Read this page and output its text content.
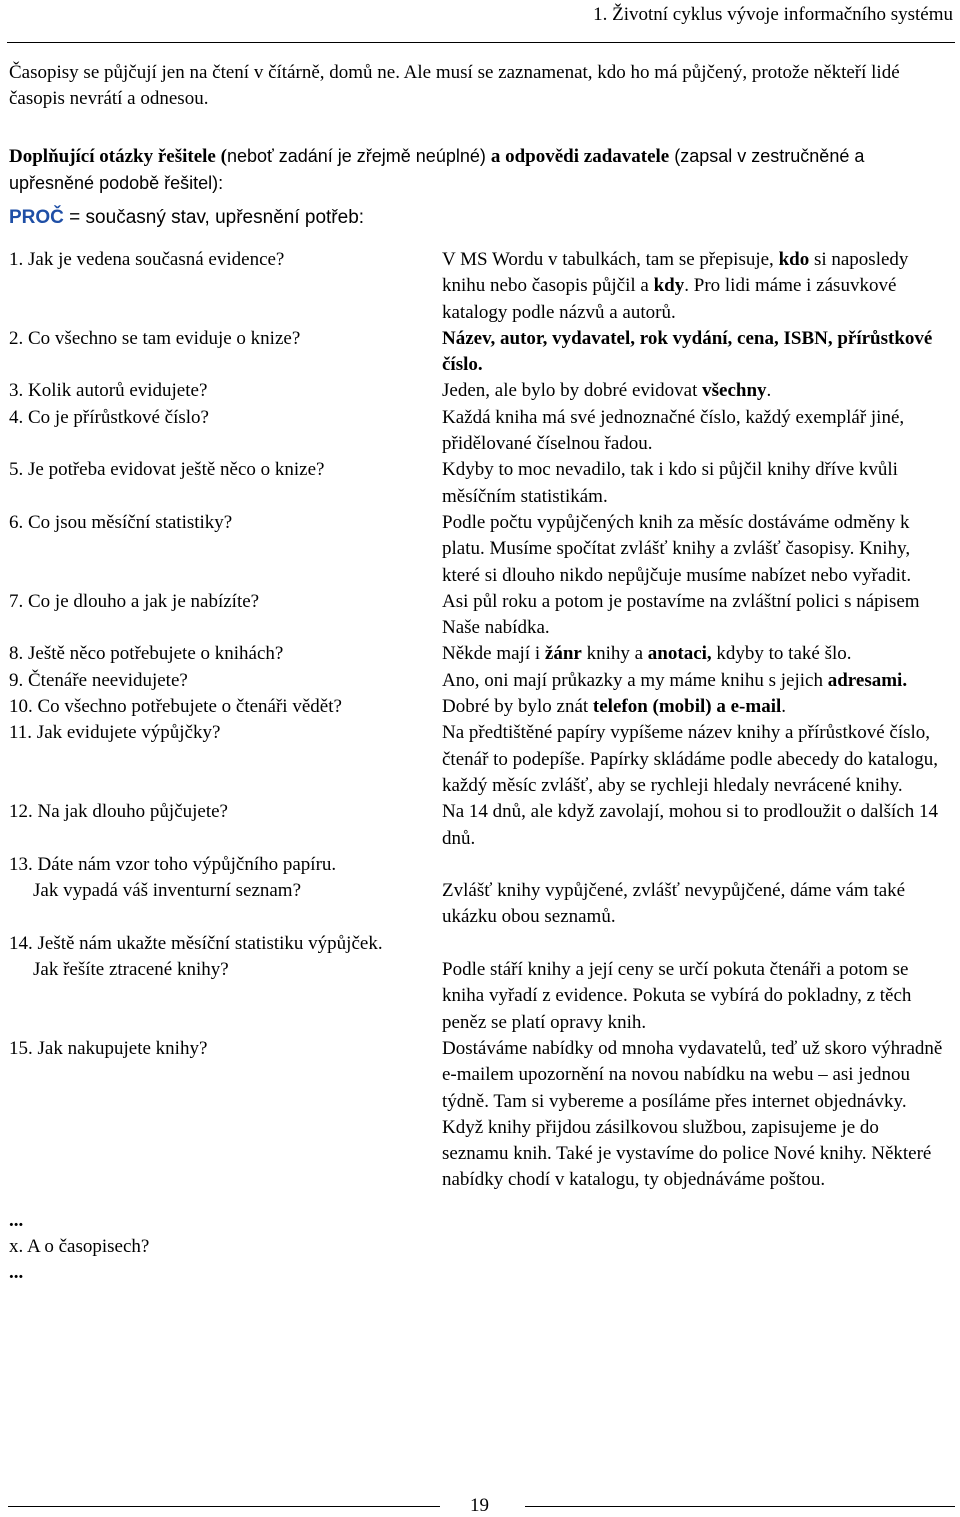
1. Životní cyklus vývoje informačního systému

Časopisy se půjčují jen na čtení v čítárně, domů ne. Ale musí se zaznamenat, kdo ho má půjčený, protože někteří lidé časopis nevrátí a odnesou.

Doplňující otázky řešitele (neboť zadání je zřejmě neúplné) a odpovědi zadavatele (zapsal v zestručněné a upřesněné podobě řešitel):

PROČ = současný stav, upřesnění potřeb:
1. Jak je vedena současná evidence?	V MS Wordu v tabulkách, tam se přepisuje, kdo si naposledy knihu nebo časopis půjčil a kdy. Pro lidi máme i zásuvkové katalogy podle názvů a autorů.
2. Co všechno se tam eviduje o knize?	Název, autor, vydavatel, rok vydání, cena, ISBN, přírůstkové číslo.
3. Kolik autorů evidujete?	Jeden, ale bylo by dobré evidovat všechny.
4. Co je přírůstkové číslo?	Každá kniha má své jednoznačné číslo, každý exemplář jiné, přidělované číselnou řadou.
5. Je potřeba evidovat ještě něco o knize?	Kdyby to moc nevadilo, tak i kdo si půjčil knihy dříve kvůli měsíčním statistikám.
6. Co jsou měsíční statistiky?	Podle počtu vypůjčených knih za měsíc dostáváme odměny k platu. Musíme spočítat zvlášť knihy a zvlášť časopisy. Knihy, které si dlouho nikdo nepůjčuje musíme nabízet nebo vyřadit.
7. Co je dlouho a jak je nabízíte?	Asi půl roku a potom je postavíme na zvláštní polici s nápisem Naše nabídka.
8. Ještě něco potřebujete o knihách?	Někde mají i žánr knihy a anotaci, kdyby to také šlo.
9. Čtenáře neevidujete?	Ano, oni mají průkazky a my máme knihu s jejich adresami.
10. Co všechno potřebujete o čtenáři vědět?	Dobré by bylo znát telefon (mobil) a e-mail.
11. Jak evidujete výpůjčky?	Na předtištěné papíry vypíšeme název knihy a přírůstkové číslo, čtenář to podepíše. Papírky skládáme podle abecedy do katalogu, každý měsíc zvlášť, aby se rychleji hledaly nevrácené knihy.
12. Na jak dlouho půjčujete?	Na 14 dnů, ale když zavolají, mohou si to prodloužit o dalších 14 dnů.
13. Dáte nám vzor toho výpůjčního papíru.
Jak vypadá váš inventurní seznam?	Zvlášť knihy vypůjčené, zvlášť nevypůjčené, dáme vám také ukázku obou seznamů.
14. Ještě nám ukažte měsíční statistiku výpůjček.
Jak řešíte ztracené knihy?	Podle stáří knihy a její ceny se určí pokuta čtenáři a potom se kniha vyřadí z evidence. Pokuta se vybírá do pokladny, z těch peněz se platí opravy knih.
15. Jak nakupujete knihy?	Dostáváme nabídky od mnoha vydavatelů, teď už skoro výhradně e-mailem upozornění na novou nabídku na webu – asi jednou týdně. Tam si vybereme a posíláme přes internet objednávky. Když knihy přijdou zásilkovou službou, zapisujeme je do seznamu knih. Také je vystavíme do police Nové knihy. Některé nabídky chodí v katalogu, ty objednáváme poštou.
...
x. A o časopisech?
...
19
